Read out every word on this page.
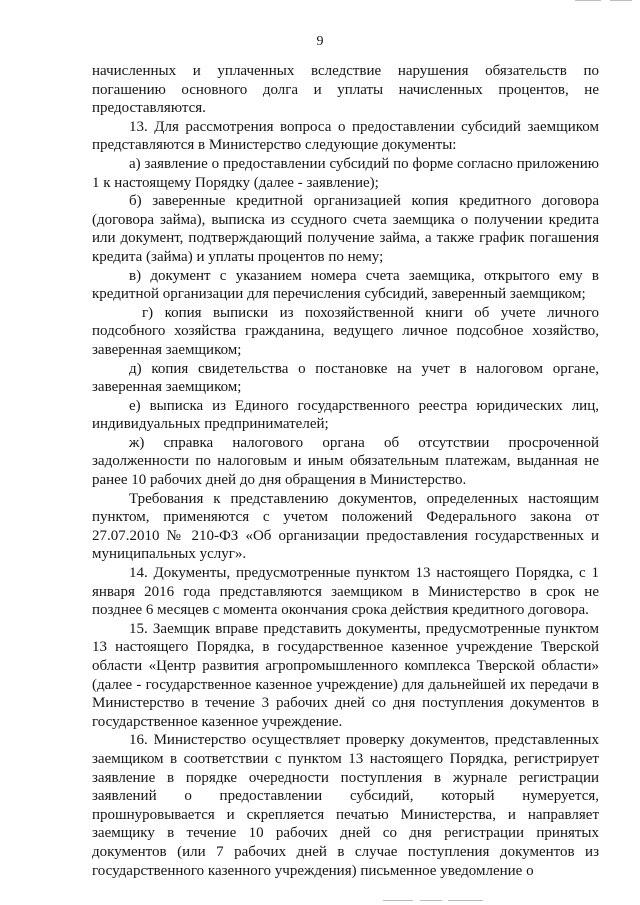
9

начисленных и уплаченных вследствие нарушения обязательств по погашению основного долга и уплаты начисленных процентов, не предоставляются.

13. Для рассмотрения вопроса о предоставлении субсидий заемщиком представляются в Министерство следующие документы:

а) заявление о предоставлении субсидий по форме согласно приложению 1 к настоящему Порядку (далее - заявление);

б) заверенные кредитной организацией копия кредитного договора (договора займа), выписка из ссудного счета заемщика о получении кредита или документ, подтверждающий получение займа, а также график погашения кредита (займа) и уплаты процентов по нему;

в) документ с указанием номера счета заемщика, открытого ему в кредитной организации для перечисления субсидий, заверенный заемщиком;

г) копия выписки из похозяйственной книги об учете личного подсобного хозяйства гражданина, ведущего личное подсобное хозяйство, заверенная заемщиком;

д) копия свидетельства о постановке на учет в налоговом органе, заверенная заемщиком;

е) выписка из Единого государственного реестра юридических лиц, индивидуальных предпринимателей;

ж) справка налогового органа об отсутствии просроченной задолженности по налоговым и иным обязательным платежам, выданная не ранее 10 рабочих дней до дня обращения в Министерство.

Требования к представлению документов, определенных настоящим пунктом, применяются с учетом положений Федерального закона от 27.07.2010 № 210-ФЗ «Об организации предоставления государственных и муниципальных услуг».

14. Документы, предусмотренные пунктом 13 настоящего Порядка, с 1 января 2016 года представляются заемщиком в Министерство в срок не позднее 6 месяцев с момента окончания срока действия кредитного договора.

15. Заемщик вправе представить документы, предусмотренные пунктом 13 настоящего Порядка, в государственное казенное учреждение Тверской области «Центр развития агропромышленного комплекса Тверской области» (далее - государственное казенное учреждение) для дальнейшей их передачи в Министерство в течение 3 рабочих дней со дня поступления документов в государственное казенное учреждение.

16. Министерство осуществляет проверку документов, представленных заемщиком в соответствии с пунктом 13 настоящего Порядка, регистрирует заявление в порядке очередности поступления в журнале регистрации заявлений о предоставлении субсидий, который нумеруется, прошнуровывается и скрепляется печатью Министерства, и направляет заемщику в течение 10 рабочих дней со дня регистрации принятых документов (или 7 рабочих дней в случае поступления документов из государственного казенного учреждения) письменное уведомление о
